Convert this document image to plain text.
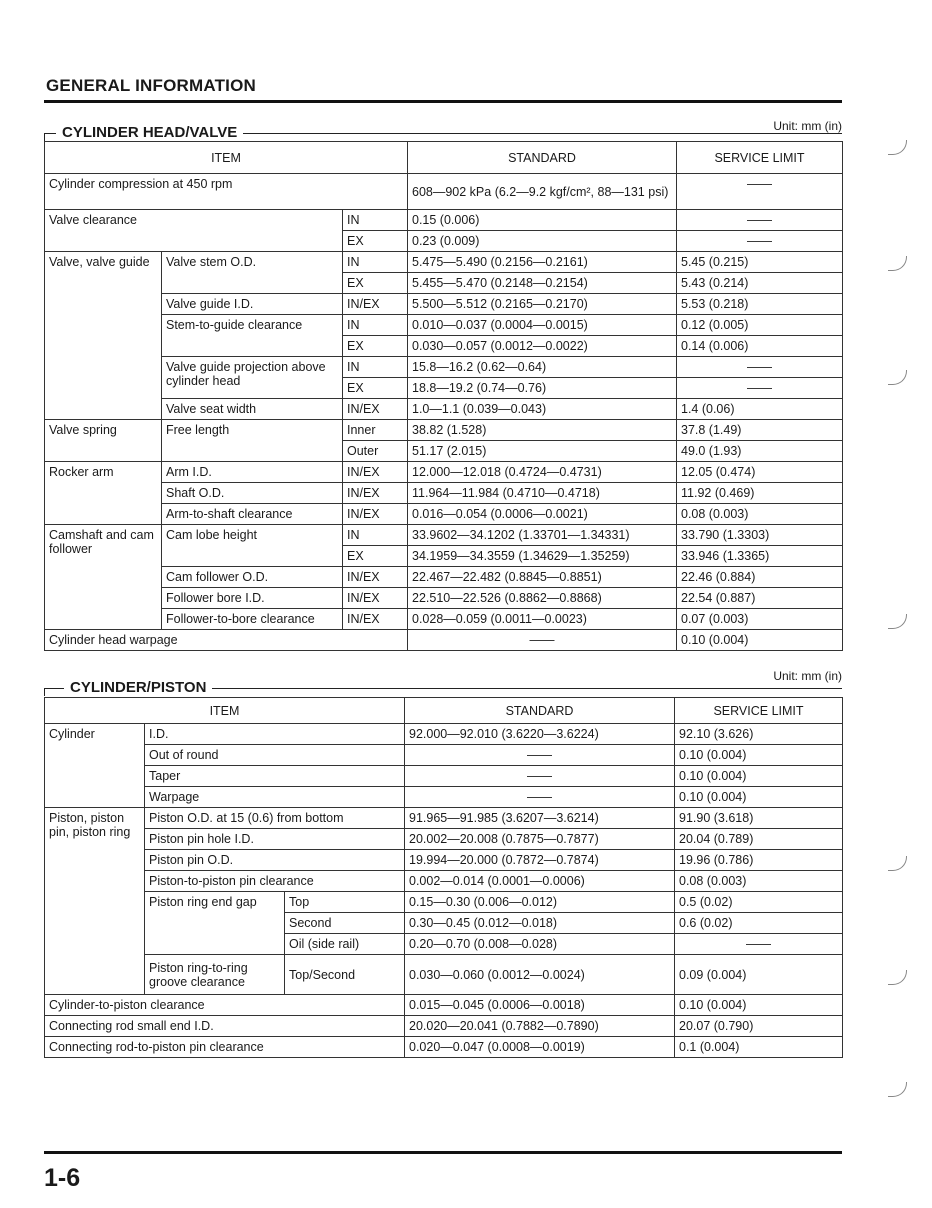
GENERAL INFORMATION
CYLINDER HEAD/VALVE	Unit: mm (in)
ITEM			STANDARD	SERVICE LIMIT
Cylinder compression at 450 rpm			608—902 kPa (6.2—9.2 kgf/cm², 88—131 psi)	——
Valve clearance		IN	0.15 (0.006)	——
		EX	0.23 (0.009)	——
Valve, valve guide	Valve stem O.D.	IN	5.475—5.490 (0.2156—0.2161)	5.45 (0.215)
		EX	5.455—5.470 (0.2148—0.2154)	5.43 (0.214)
	Valve guide I.D.	IN/EX	5.500—5.512 (0.2165—0.2170)	5.53 (0.218)
	Stem-to-guide clearance	IN	0.010—0.037 (0.0004—0.0015)	0.12 (0.005)
		EX	0.030—0.057 (0.0012—0.0022)	0.14 (0.006)
	Valve guide projection above cylinder head	IN	15.8—16.2 (0.62—0.64)	——
		EX	18.8—19.2 (0.74—0.76)	——
	Valve seat width	IN/EX	1.0—1.1 (0.039—0.043)	1.4 (0.06)
Valve spring	Free length	Inner	38.82 (1.528)	37.8 (1.49)
		Outer	51.17 (2.015)	49.0 (1.93)
Rocker arm	Arm I.D.	IN/EX	12.000—12.018 (0.4724—0.4731)	12.05 (0.474)
	Shaft O.D.	IN/EX	11.964—11.984 (0.4710—0.4718)	11.92 (0.469)
	Arm-to-shaft clearance	IN/EX	0.016—0.054 (0.0006—0.0021)	0.08 (0.003)
Camshaft and cam follower	Cam lobe height	IN	33.9602—34.1202 (1.33701—1.34331)	33.790 (1.3303)
		EX	34.1959—34.3559 (1.34629—1.35259)	33.946 (1.3365)
	Cam follower O.D.	IN/EX	22.467—22.482 (0.8845—0.8851)	22.46 (0.884)
	Follower bore I.D.	IN/EX	22.510—22.526 (0.8862—0.8868)	22.54 (0.887)
	Follower-to-bore clearance	IN/EX	0.028—0.059 (0.0011—0.0023)	0.07 (0.003)
Cylinder head warpage			——	0.10 (0.004)
CYLINDER/PISTON
Unit: mm (in)
ITEM			STANDARD	SERVICE LIMIT
Cylinder	I.D.		92.000—92.010 (3.6220—3.6224)	92.10 (3.626)
	Out of round		——	0.10 (0.004)
	Taper		——	0.10 (0.004)
	Warpage		——	0.10 (0.004)
Piston, piston pin, piston ring	Piston O.D. at 15 (0.6) from bottom		91.965—91.985 (3.6207—3.6214)	91.90 (3.618)
	Piston pin hole I.D.		20.002—20.008 (0.7875—0.7877)	20.04 (0.789)
	Piston pin O.D.		19.994—20.000 (0.7872—0.7874)	19.96 (0.786)
	Piston-to-piston pin clearance		0.002—0.014 (0.0001—0.0006)	0.08 (0.003)
	Piston ring end gap	Top	0.15—0.30 (0.006—0.012)	0.5 (0.02)
		Second	0.30—0.45 (0.012—0.018)	0.6 (0.02)
		Oil (side rail)	0.20—0.70 (0.008—0.028)	——
	Piston ring-to-ring groove clearance	Top/Second	0.030—0.060 (0.0012—0.0024)	0.09 (0.004)
Cylinder-to-piston clearance			0.015—0.045 (0.0006—0.0018)	0.10 (0.004)
Connecting rod small end I.D.			20.020—20.041 (0.7882—0.7890)	20.07 (0.790)
Connecting rod-to-piston pin clearance			0.020—0.047 (0.0008—0.0019)	0.1 (0.004)
1-6
